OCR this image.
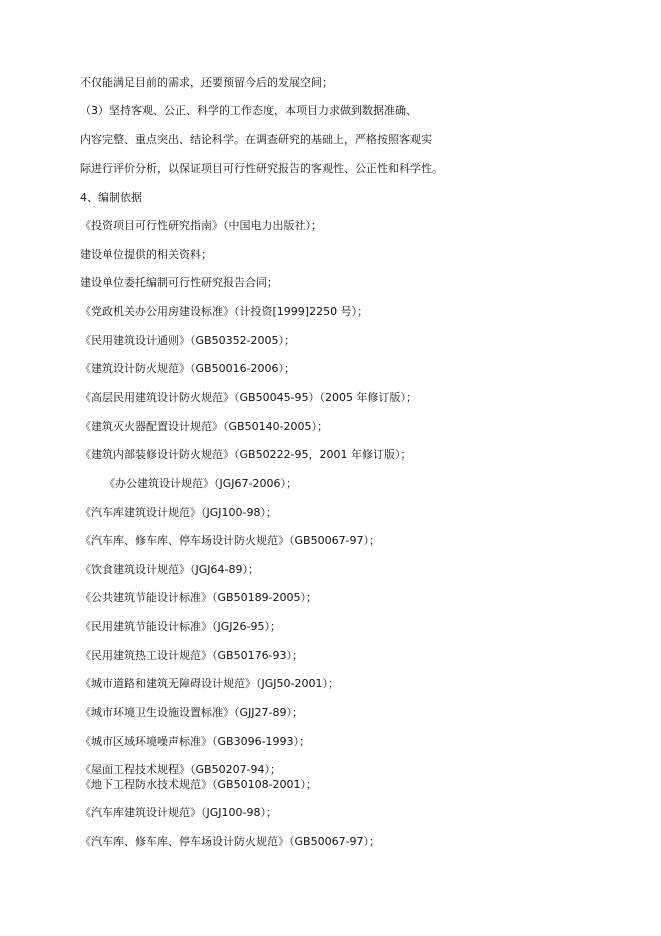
不仅能满足目前的需求，还要预留今后的发展空间；
（3）坚持客观、公正、科学的工作态度，本项目力求做到数据准确、
内容完整、重点突出、结论科学。在调查研究的基础上，严格按照客观实
际进行评价分析，以保证项目可行性研究报告的客观性、公正性和科学性。
4、编制依据
《投资项目可行性研究指南》（中国电力出版社）；
建设单位提供的相关资料；
建设单位委托编制可行性研究报告合同；
《党政机关办公用房建设标准》（计投资[1999]2250 号）；
《民用建筑设计通则》（GB50352-2005）；
《建筑设计防火规范》（GB50016-2006）；
《高层民用建筑设计防火规范》（GB50045-95）（2005 年修订版）；
《建筑灭火器配置设计规范》（GB50140-2005）；
《建筑内部装修设计防火规范》（GB50222-95，2001 年修订版）；
《办公建筑设计规范》（JGJ67-2006）；
《汽车库建筑设计规范》（JGJ100-98）；
《汽车库、修车库、停车场设计防火规范》（GB50067-97）；
《饮食建筑设计规范》（JGJ64-89）；
《公共建筑节能设计标准》（GB50189-2005）；
《民用建筑节能设计标准》（JGJ26-95）；
《民用建筑热工设计规范》（GB50176-93）；
《城市道路和建筑无障碍设计规范》（JGJ50-2001）；
《城市环境卫生设施设置标准》（GJJ27-89）；
《城市区域环境噪声标准》（GB3096-1993）；
《屋面工程技术规程》（GB50207-94）；
《地下工程防水技术规范》（GB50108-2001）；
《汽车库建筑设计规范》（JGJ100-98）；
《汽车库、修车库、停车场设计防火规范》（GB50067-97）；
